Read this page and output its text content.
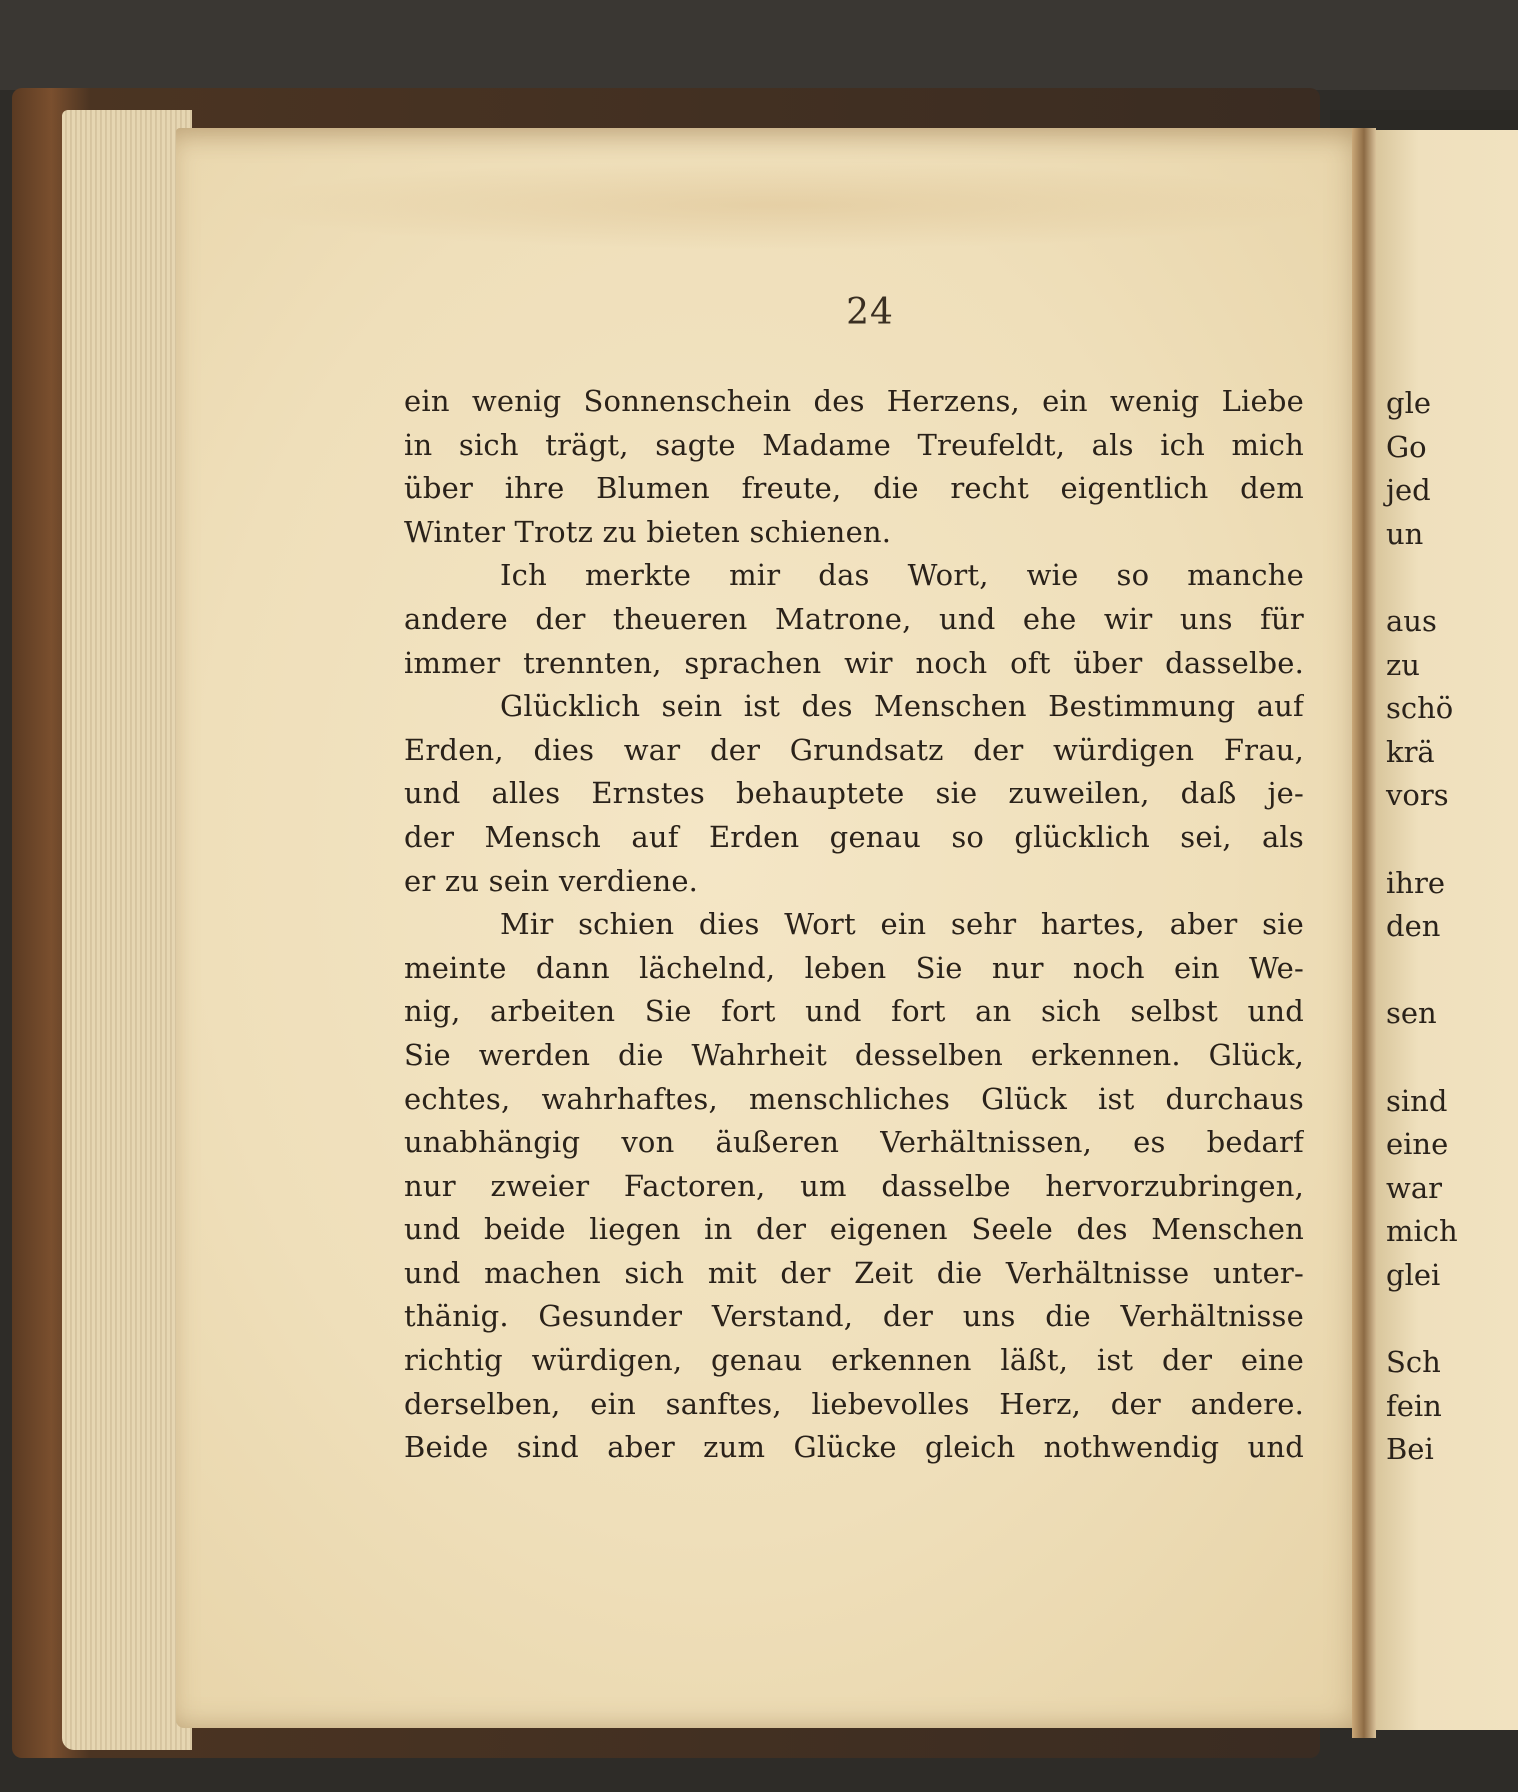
gle
Go
jed
un
aus
zu
schö
krä
vors
ihre
den
sen
sind
eine
war
mich
glei
Sch
fein
Bei
24
ein wenig Sonnenschein des Herzens, ein wenig Liebe
in sich trägt, sagte Madame Treufeldt, als ich mich
über ihre Blumen freute, die recht eigentlich dem
Winter Trotz zu bieten schienen.
Ich merkte mir das Wort, wie so manche
andere der theueren Matrone, und ehe wir uns für
immer trennten, sprachen wir noch oft über dasselbe.
Glücklich sein ist des Menschen Bestimmung auf
Erden, dies war der Grundsatz der würdigen Frau,
und alles Ernstes behauptete sie zuweilen, daß je-
der Mensch auf Erden genau so glücklich sei, als
er zu sein verdiene.
Mir schien dies Wort ein sehr hartes, aber sie
meinte dann lächelnd, leben Sie nur noch ein We-
nig, arbeiten Sie fort und fort an sich selbst und
Sie werden die Wahrheit desselben erkennen. Glück,
echtes, wahrhaftes, menschliches Glück ist durchaus
unabhängig von äußeren Verhältnissen, es bedarf
nur zweier Factoren, um dasselbe hervorzubringen,
und beide liegen in der eigenen Seele des Menschen
und machen sich mit der Zeit die Verhältnisse unter-
thänig. Gesunder Verstand, der uns die Verhältnisse
richtig würdigen, genau erkennen läßt, ist der eine
derselben, ein sanftes, liebevolles Herz, der andere.
Beide sind aber zum Glücke gleich nothwendig und
